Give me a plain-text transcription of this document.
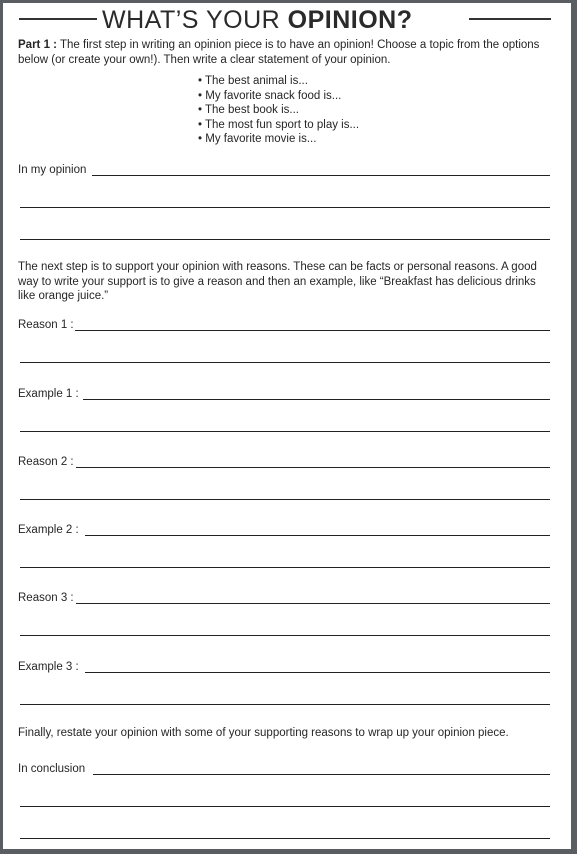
WHAT’S YOUR OPINION?

Part 1 : The first step in writing an opinion piece is to have an opinion! Choose a topic from the options below (or create your own!). Then write a clear statement of your opinion.

• The best animal is...
• My favorite snack food is...
• The best book is...
• The most fun sport to play is...
• My favorite movie is...
In my opinion

The next step is to support your opinion with reasons. These can be facts or personal reasons. A good way to write your support is to give a reason and then an example, like “Breakfast has delicious drinks like orange juice.”

Reason 1 :
Example 1 :
Reason 2 :
Example 2 :
Reason 3 :
Example 3 :

Finally, restate your opinion with some of your supporting reasons to wrap up your opinion piece.

In conclusion
